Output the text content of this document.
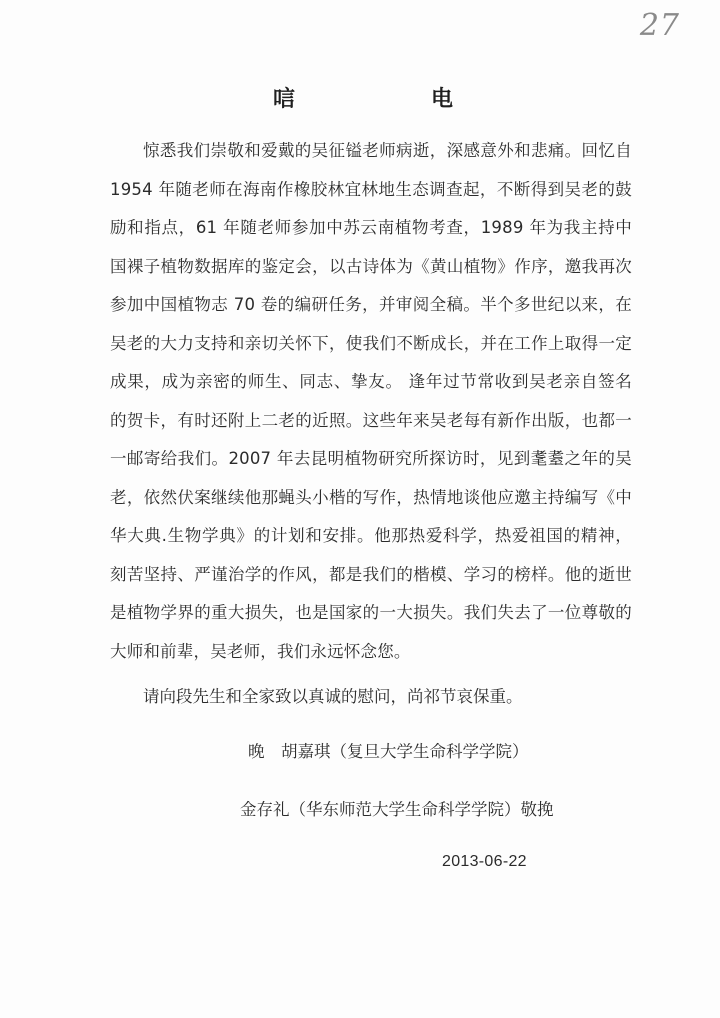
27
唁	电

惊悉我们崇敬和爱戴的吴征镒老师病逝，深感意外和悲痛。回忆自 1954 年随老师在海南作橡胶林宜林地生态调查起，不断得到吴老的鼓励和指点，61 年随老师参加中苏云南植物考查，1989 年为我主持中国裸子植物数据库的鉴定会，以古诗体为《黄山植物》作序，邀我再次参加中国植物志 70 卷的编研任务，并审阅全稿。半个多世纪以来，在吴老的大力支持和亲切关怀下，使我们不断成长，并在工作上取得一定成果，成为亲密的师生、同志、挚友。 逢年过节常收到吴老亲自签名的贺卡，有时还附上二老的近照。这些年来吴老每有新作出版，也都一一邮寄给我们。2007 年去昆明植物研究所探访时，见到耄耋之年的吴老，依然伏案继续他那蝇头小楷的写作，热情地谈他应邀主持编写《中华大典.生物学典》的计划和安排。他那热爱科学，热爱祖国的精神，刻苦坚持、严谨治学的作风，都是我们的楷模、学习的榜样。他的逝世是植物学界的重大损失，也是国家的一大损失。我们失去了一位尊敬的大师和前辈，吴老师，我们永远怀念您。

请向段先生和全家致以真诚的慰问，尚祁节哀保重。

晚　胡嘉琪（复旦大学生命科学学院）
金存礼（华东师范大学生命科学学院）敬挽
2013-06-22
